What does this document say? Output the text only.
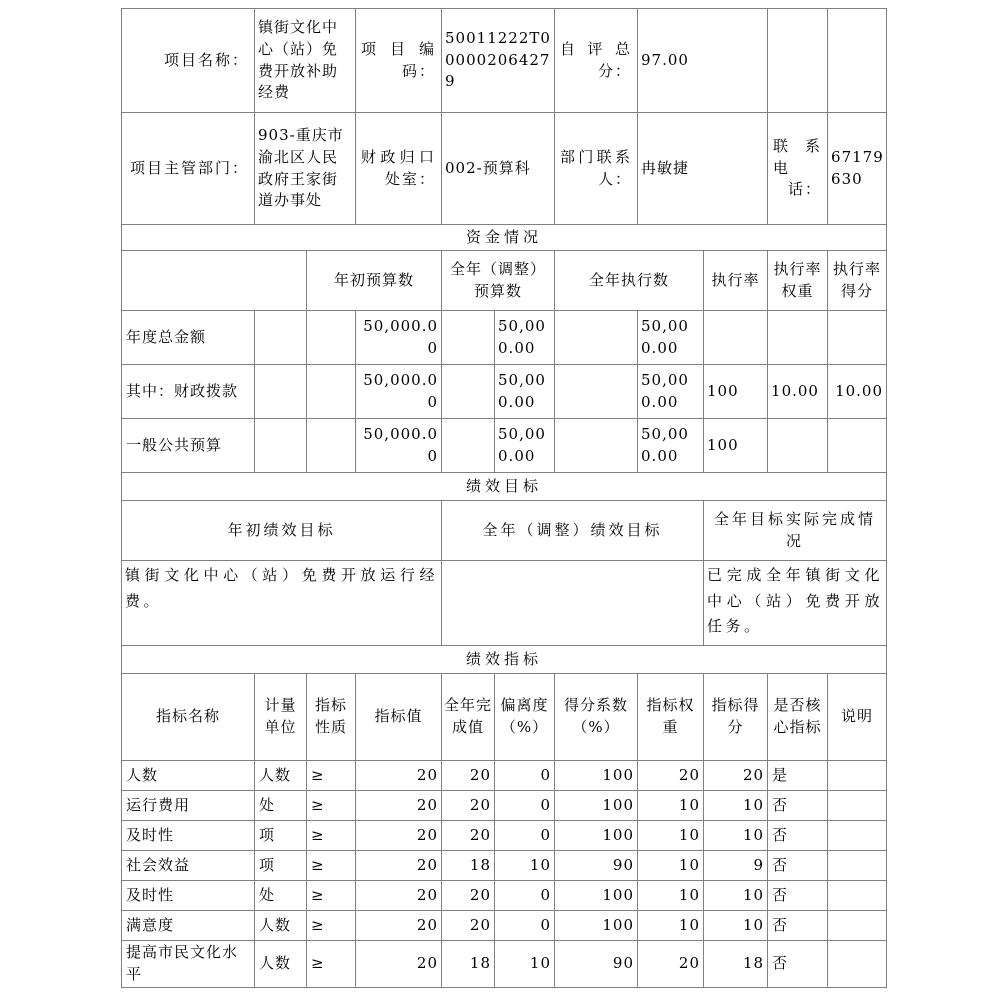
项目名称：	镇街文化中心（站）免费开放补助经费		项目编码：	50011222T000002064279		自评总分：	97.00			
项目主管部门：	903-重庆市渝北区人民政府王家街道办事处		财政归口处室：	002-预算科		部门联系人：	冉敏捷		联系电话：	67179630
资金情况										
		年初预算数		全年（调整）预算数		全年执行数		执行率	执行率权重	执行率得分
年度总金额			50,000.00		50,000.00		50,000.00			
其中：财政拨款			50,000.00		50,000.00		50,000.00	100	10.00	10.00
一般公共预算			50,000.00		50,000.00		50,000.00	100		
绩效目标										
年初绩效目标				全年（调整）绩效目标				全年目标实际完成情况		
镇街文化中心（站）免费开放运行经费。								已完成全年镇街文化中心（站）免费开放任务。		
绩效指标										
指标名称	计量单位	指标性质	指标值	全年完成值	偏离度（%）	得分系数（%）	指标权重	指标得分	是否核心指标	说明
人数	人数	≥	20	20	0	100	20	20	是	
运行费用	处	≥	20	20	0	100	10	10	否	
及时性	项	≥	20	20	0	100	10	10	否	
社会效益	项	≥	20	18	10	90	10	9	否	
及时性	处	≥	20	20	0	100	10	10	否	
满意度	人数	≥	20	20	0	100	10	10	否	
提高市民文化水平	人数	≥	20	18	10	90	20	18	否	
